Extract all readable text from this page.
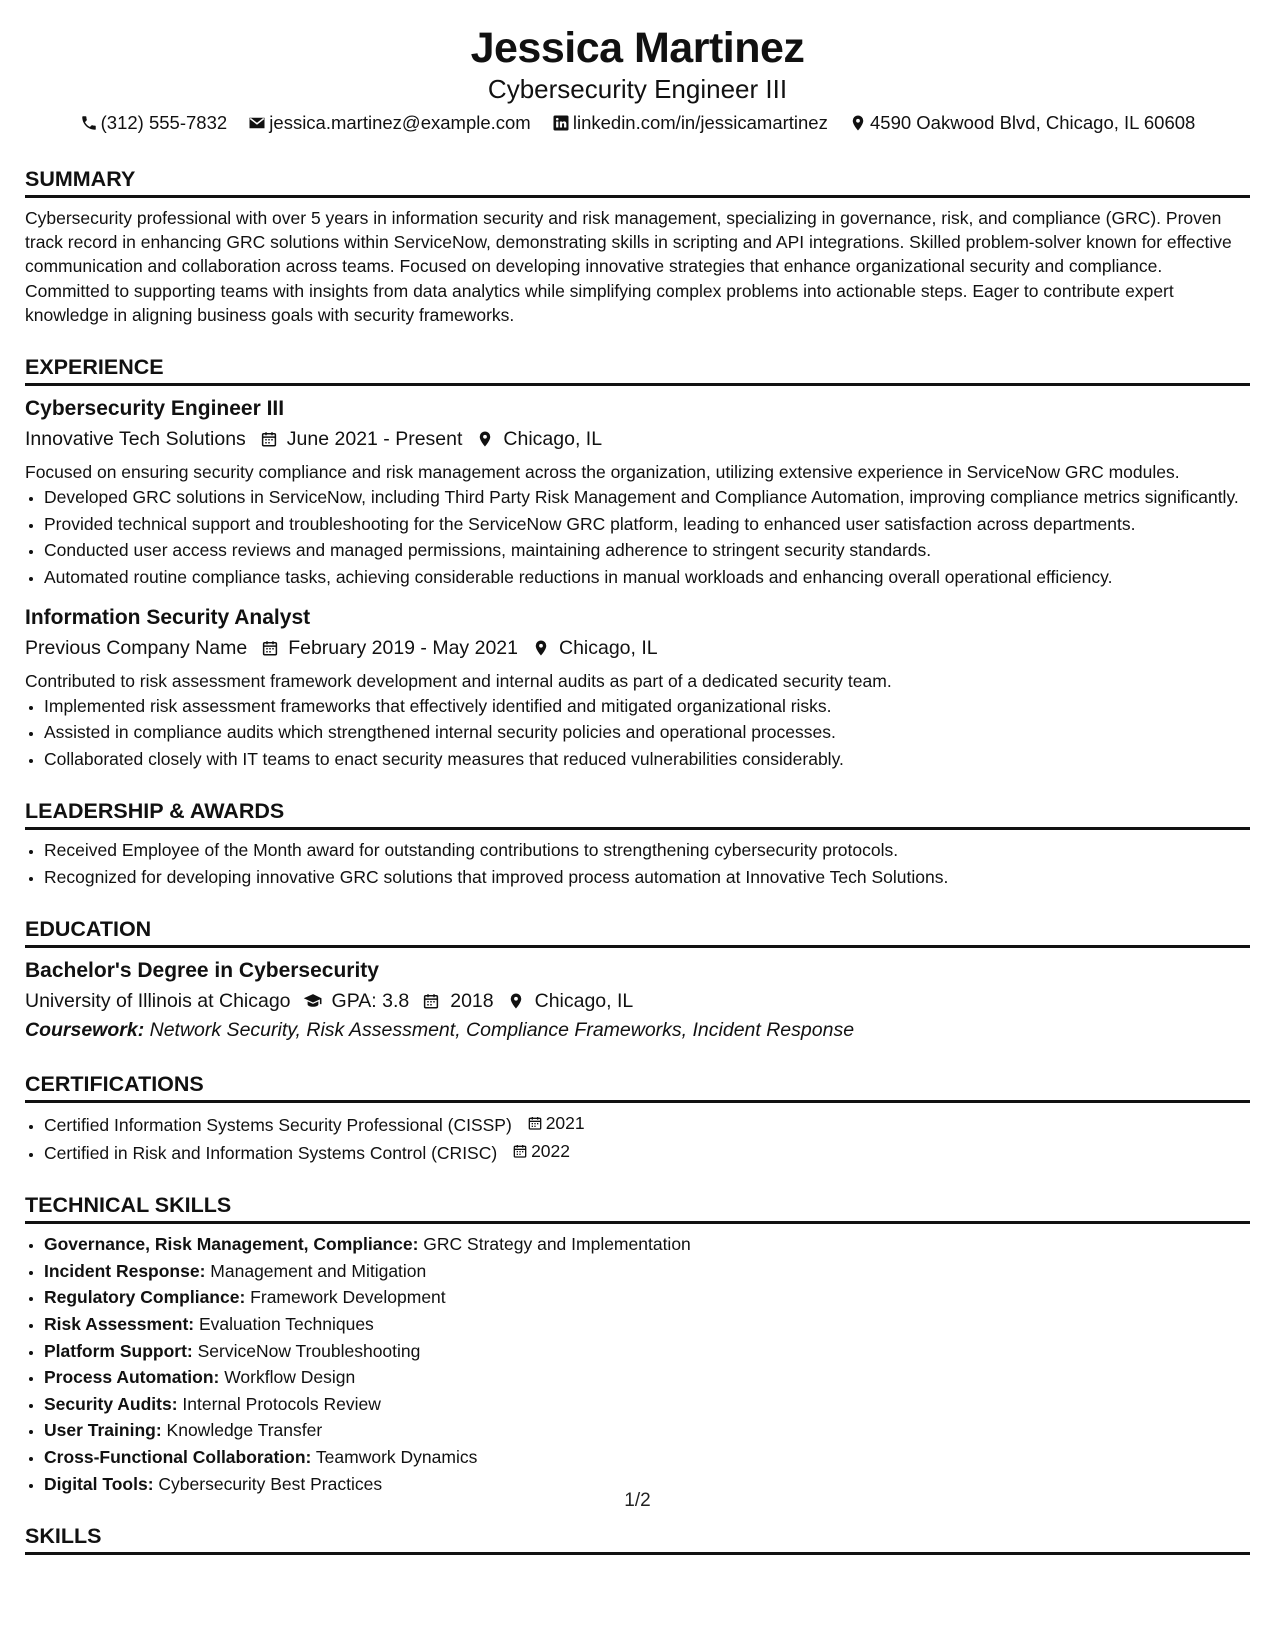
Jessica Martinez
Cybersecurity Engineer III
(312) 555-7832
jessica.martinez@example.com
linkedin.com/in/jessicamartinez
4590 Oakwood Blvd, Chicago, IL 60608
SUMMARY

Cybersecurity professional with over 5 years in information security and risk management, specializing in governance, risk, and compliance (GRC). Proven track record in enhancing GRC solutions within ServiceNow, demonstrating skills in scripting and API integrations. Skilled problem-solver known for effective communication and collaboration across teams. Focused on developing innovative strategies that enhance organizational security and compliance. Committed to supporting teams with insights from data analytics while simplifying complex problems into actionable steps. Eager to contribute expert knowledge in aligning business goals with security frameworks.

EXPERIENCE
Cybersecurity Engineer III
Innovative Tech Solutions June 2021 - Present Chicago, IL
Focused on ensuring security compliance and risk management across the organization, utilizing extensive experience in ServiceNow GRC modules.
• Developed GRC solutions in ServiceNow, including Third Party Risk Management and Compliance Automation, improving compliance metrics significantly.
• Provided technical support and troubleshooting for the ServiceNow GRC platform, leading to enhanced user satisfaction across departments.
• Conducted user access reviews and managed permissions, maintaining adherence to stringent security standards.
• Automated routine compliance tasks, achieving considerable reductions in manual workloads and enhancing overall operational efficiency.
Information Security Analyst
Previous Company Name February 2019 - May 2021 Chicago, IL
Contributed to risk assessment framework development and internal audits as part of a dedicated security team.
• Implemented risk assessment frameworks that effectively identified and mitigated organizational risks.
• Assisted in compliance audits which strengthened internal security policies and operational processes.
• Collaborated closely with IT teams to enact security measures that reduced vulnerabilities considerably.
LEADERSHIP & AWARDS
• Received Employee of the Month award for outstanding contributions to strengthening cybersecurity protocols.
• Recognized for developing innovative GRC solutions that improved process automation at Innovative Tech Solutions.
EDUCATION
Bachelor's Degree in Cybersecurity
University of Illinois at Chicago GPA: 3.8 2018 Chicago, IL
Coursework: Network Security, Risk Assessment, Compliance Frameworks, Incident Response
CERTIFICATIONS
• Certified Information Systems Security Professional (CISSP) 2021
• Certified in Risk and Information Systems Control (CRISC) 2022
TECHNICAL SKILLS
• Governance, Risk Management, Compliance: GRC Strategy and Implementation
• Incident Response: Management and Mitigation
• Regulatory Compliance: Framework Development
• Risk Assessment: Evaluation Techniques
• Platform Support: ServiceNow Troubleshooting
• Process Automation: Workflow Design
• Security Audits: Internal Protocols Review
• User Training: Knowledge Transfer
• Cross-Functional Collaboration: Teamwork Dynamics
• Digital Tools: Cybersecurity Best Practices
SKILLS
1/2
